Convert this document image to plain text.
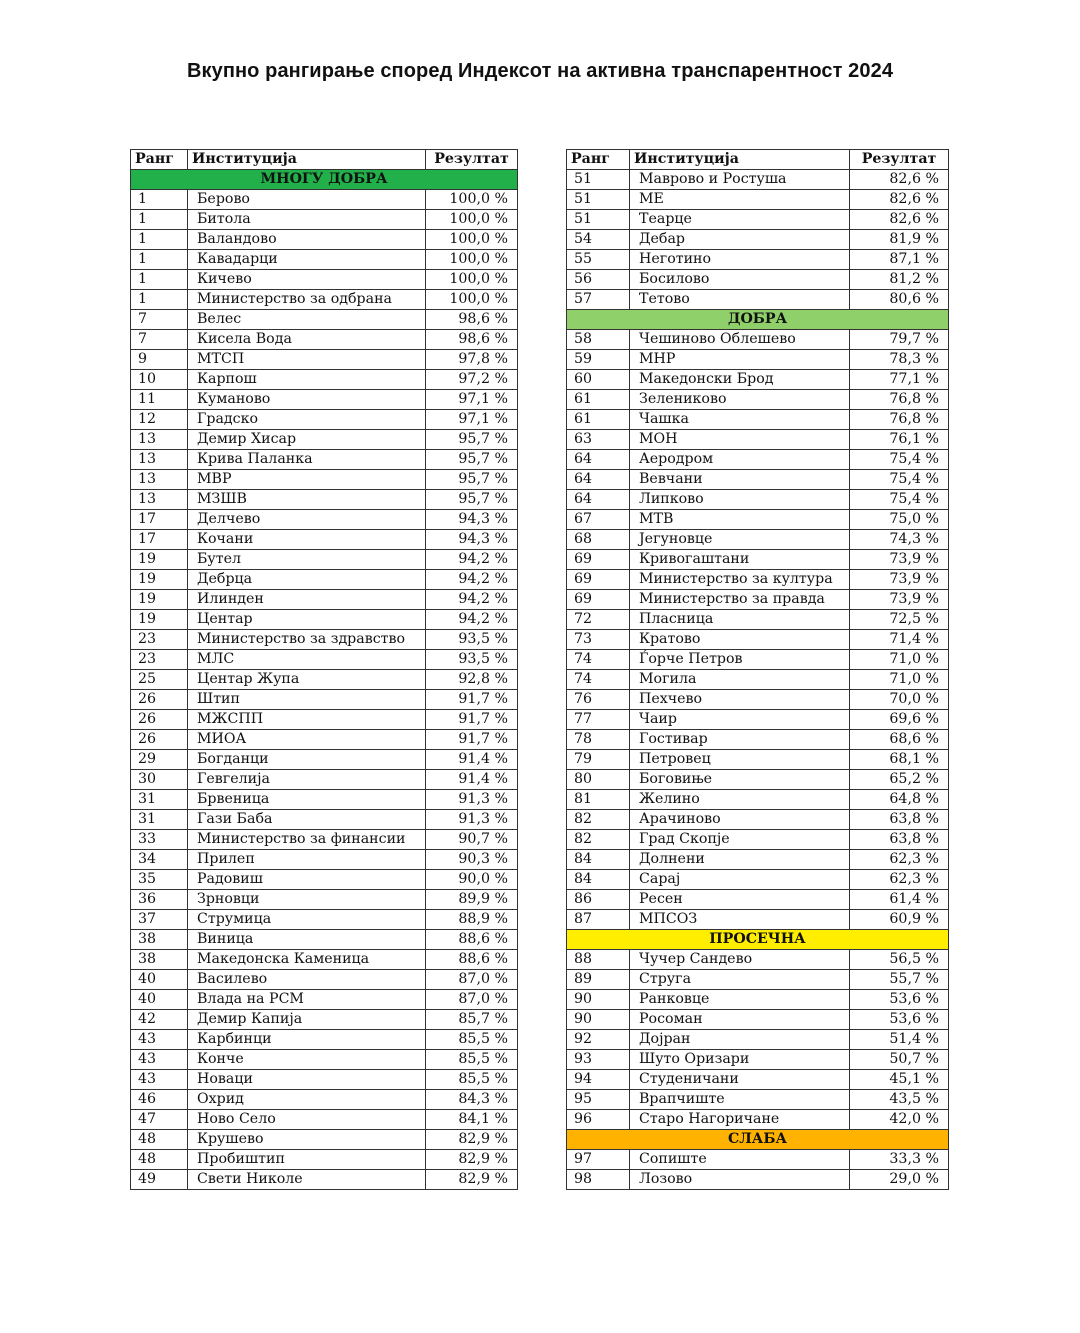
Вкупно рангирање според Индексот на активна транспарентност 2024
Ранг	Институција	Резултат
МНОГУ ДОБРА		
1	Берово	100,0 %
1	Битола	100,0 %
1	Валандово	100,0 %
1	Кавадарци	100,0 %
1	Кичево	100,0 %
1	Министерство за одбрана	100,0 %
7	Велес	98,6 %
7	Кисела Вода	98,6 %
9	МТСП	97,8 %
10	Карпош	97,2 %
11	Куманово	97,1 %
12	Градско	97,1 %
13	Демир Хисар	95,7 %
13	Крива Паланка	95,7 %
13	МВР	95,7 %
13	МЗШВ	95,7 %
17	Делчево	94,3 %
17	Кочани	94,3 %
19	Бутел	94,2 %
19	Дебрца	94,2 %
19	Илинден	94,2 %
19	Центар	94,2 %
23	Министерство за здравство	93,5 %
23	МЛС	93,5 %
25	Центар Жупа	92,8 %
26	Штип	91,7 %
26	МЖСПП	91,7 %
26	МИОА	91,7 %
29	Богданци	91,4 %
30	Гевгелија	91,4 %
31	Брвеница	91,3 %
31	Гази Баба	91,3 %
33	Министерство за финансии	90,7 %
34	Прилеп	90,3 %
35	Радовиш	90,0 %
36	Зрновци	89,9 %
37	Струмица	88,9 %
38	Виница	88,6 %
38	Македонска Каменица	88,6 %
40	Василево	87,0 %
40	Влада на РСМ	87,0 %
42	Демир Капија	85,7 %
43	Карбинци	85,5 %
43	Конче	85,5 %
43	Новаци	85,5 %
46	Охрид	84,3 %
47	Ново Село	84,1 %
48	Крушево	82,9 %
48	Пробиштип	82,9 %
49	Свети Николе	82,9 %
Ранг	Институција	Резултат
51	Маврово и Ростуша	82,6 %
51	МЕ	82,6 %
51	Теарце	82,6 %
54	Дебар	81,9 %
55	Неготино	87,1 %
56	Босилово	81,2 %
57	Тетово	80,6 %
ДОБРА		
58	Чешиново Облешево	79,7 %
59	МНР	78,3 %
60	Македонски Брод	77,1 %
61	Зелениково	76,8 %
61	Чашка	76,8 %
63	МОН	76,1 %
64	Аеродром	75,4 %
64	Вевчани	75,4 %
64	Липково	75,4 %
67	МТВ	75,0 %
68	Јегуновце	74,3 %
69	Кривогаштани	73,9 %
69	Министерство за култура	73,9 %
69	Министерство за правда	73,9 %
72	Пласница	72,5 %
73	Кратово	71,4 %
74	Ѓорче Петров	71,0 %
74	Могила	71,0 %
76	Пехчево	70,0 %
77	Чаир	69,6 %
78	Гостивар	68,6 %
79	Петровец	68,1 %
80	Боговиње	65,2 %
81	Желино	64,8 %
82	Арачиново	63,8 %
82	Град Скопје	63,8 %
84	Долнени	62,3 %
84	Сарај	62,3 %
86	Ресен	61,4 %
87	МПСОЗ	60,9 %
ПРОСЕЧНА		
88	Чучер Сандево	56,5 %
89	Струга	55,7 %
90	Ранковце	53,6 %
90	Росоман	53,6 %
92	Дојран	51,4 %
93	Шуто Оризари	50,7 %
94	Студеничани	45,1 %
95	Врапчиште	43,5 %
96	Старо Нагоричане	42,0 %
СЛАБА		
97	Сопиште	33,3 %
98	Лозово	29,0 %
